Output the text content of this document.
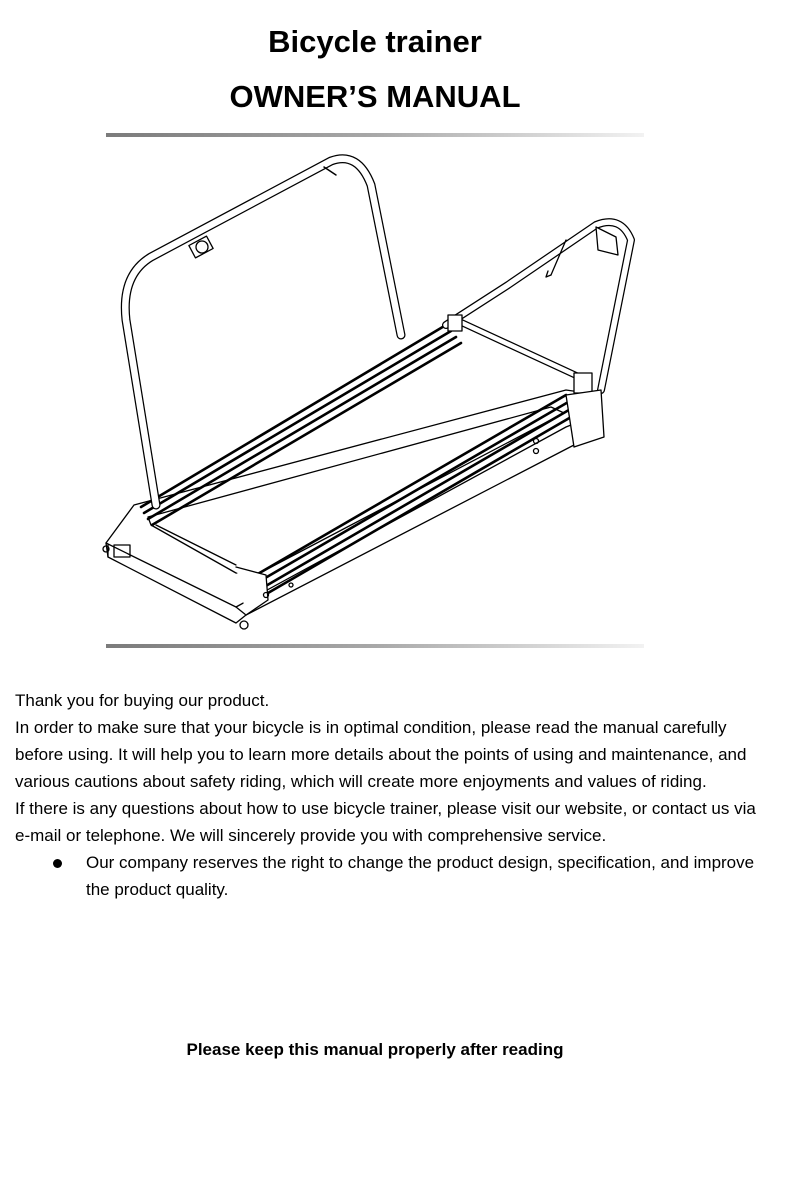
Bicycle trainer
OWNER’S MANUAL

Thank you for buying our product.

In order to make sure that your bicycle is in optimal condition, please read the manual carefully before using. It will help you to learn more details about the points of using and maintenance, and various cautions about safety riding, which will create more enjoyments and values of riding.

If there is any questions about how to use bicycle trainer, please visit our website, or contact us via e-mail or telephone. We will sincerely provide you with comprehensive service.

Our company reserves the right to change the product design, specification, and improve the product quality.

Please keep this manual properly after reading
